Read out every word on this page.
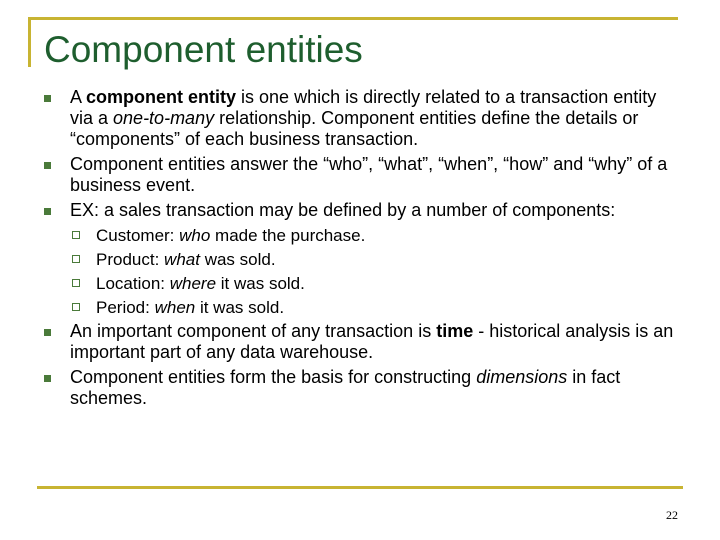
Component entities
A component entity is one which is directly related to a transaction entity via a one-to-many relationship. Component entities define the details or “components” of each business transaction.
Component entities answer the “who”, “what”, “when”, “how” and “why” of a business event.
EX: a sales transaction may be defined by a number of components:
Customer: who made the purchase.
Product: what was sold.
Location: where it was sold.
Period: when it was sold.
An important component of any transaction is time - historical analysis is an important part of any data warehouse.
Component entities form the basis for constructing dimensions in fact schemes.
22
